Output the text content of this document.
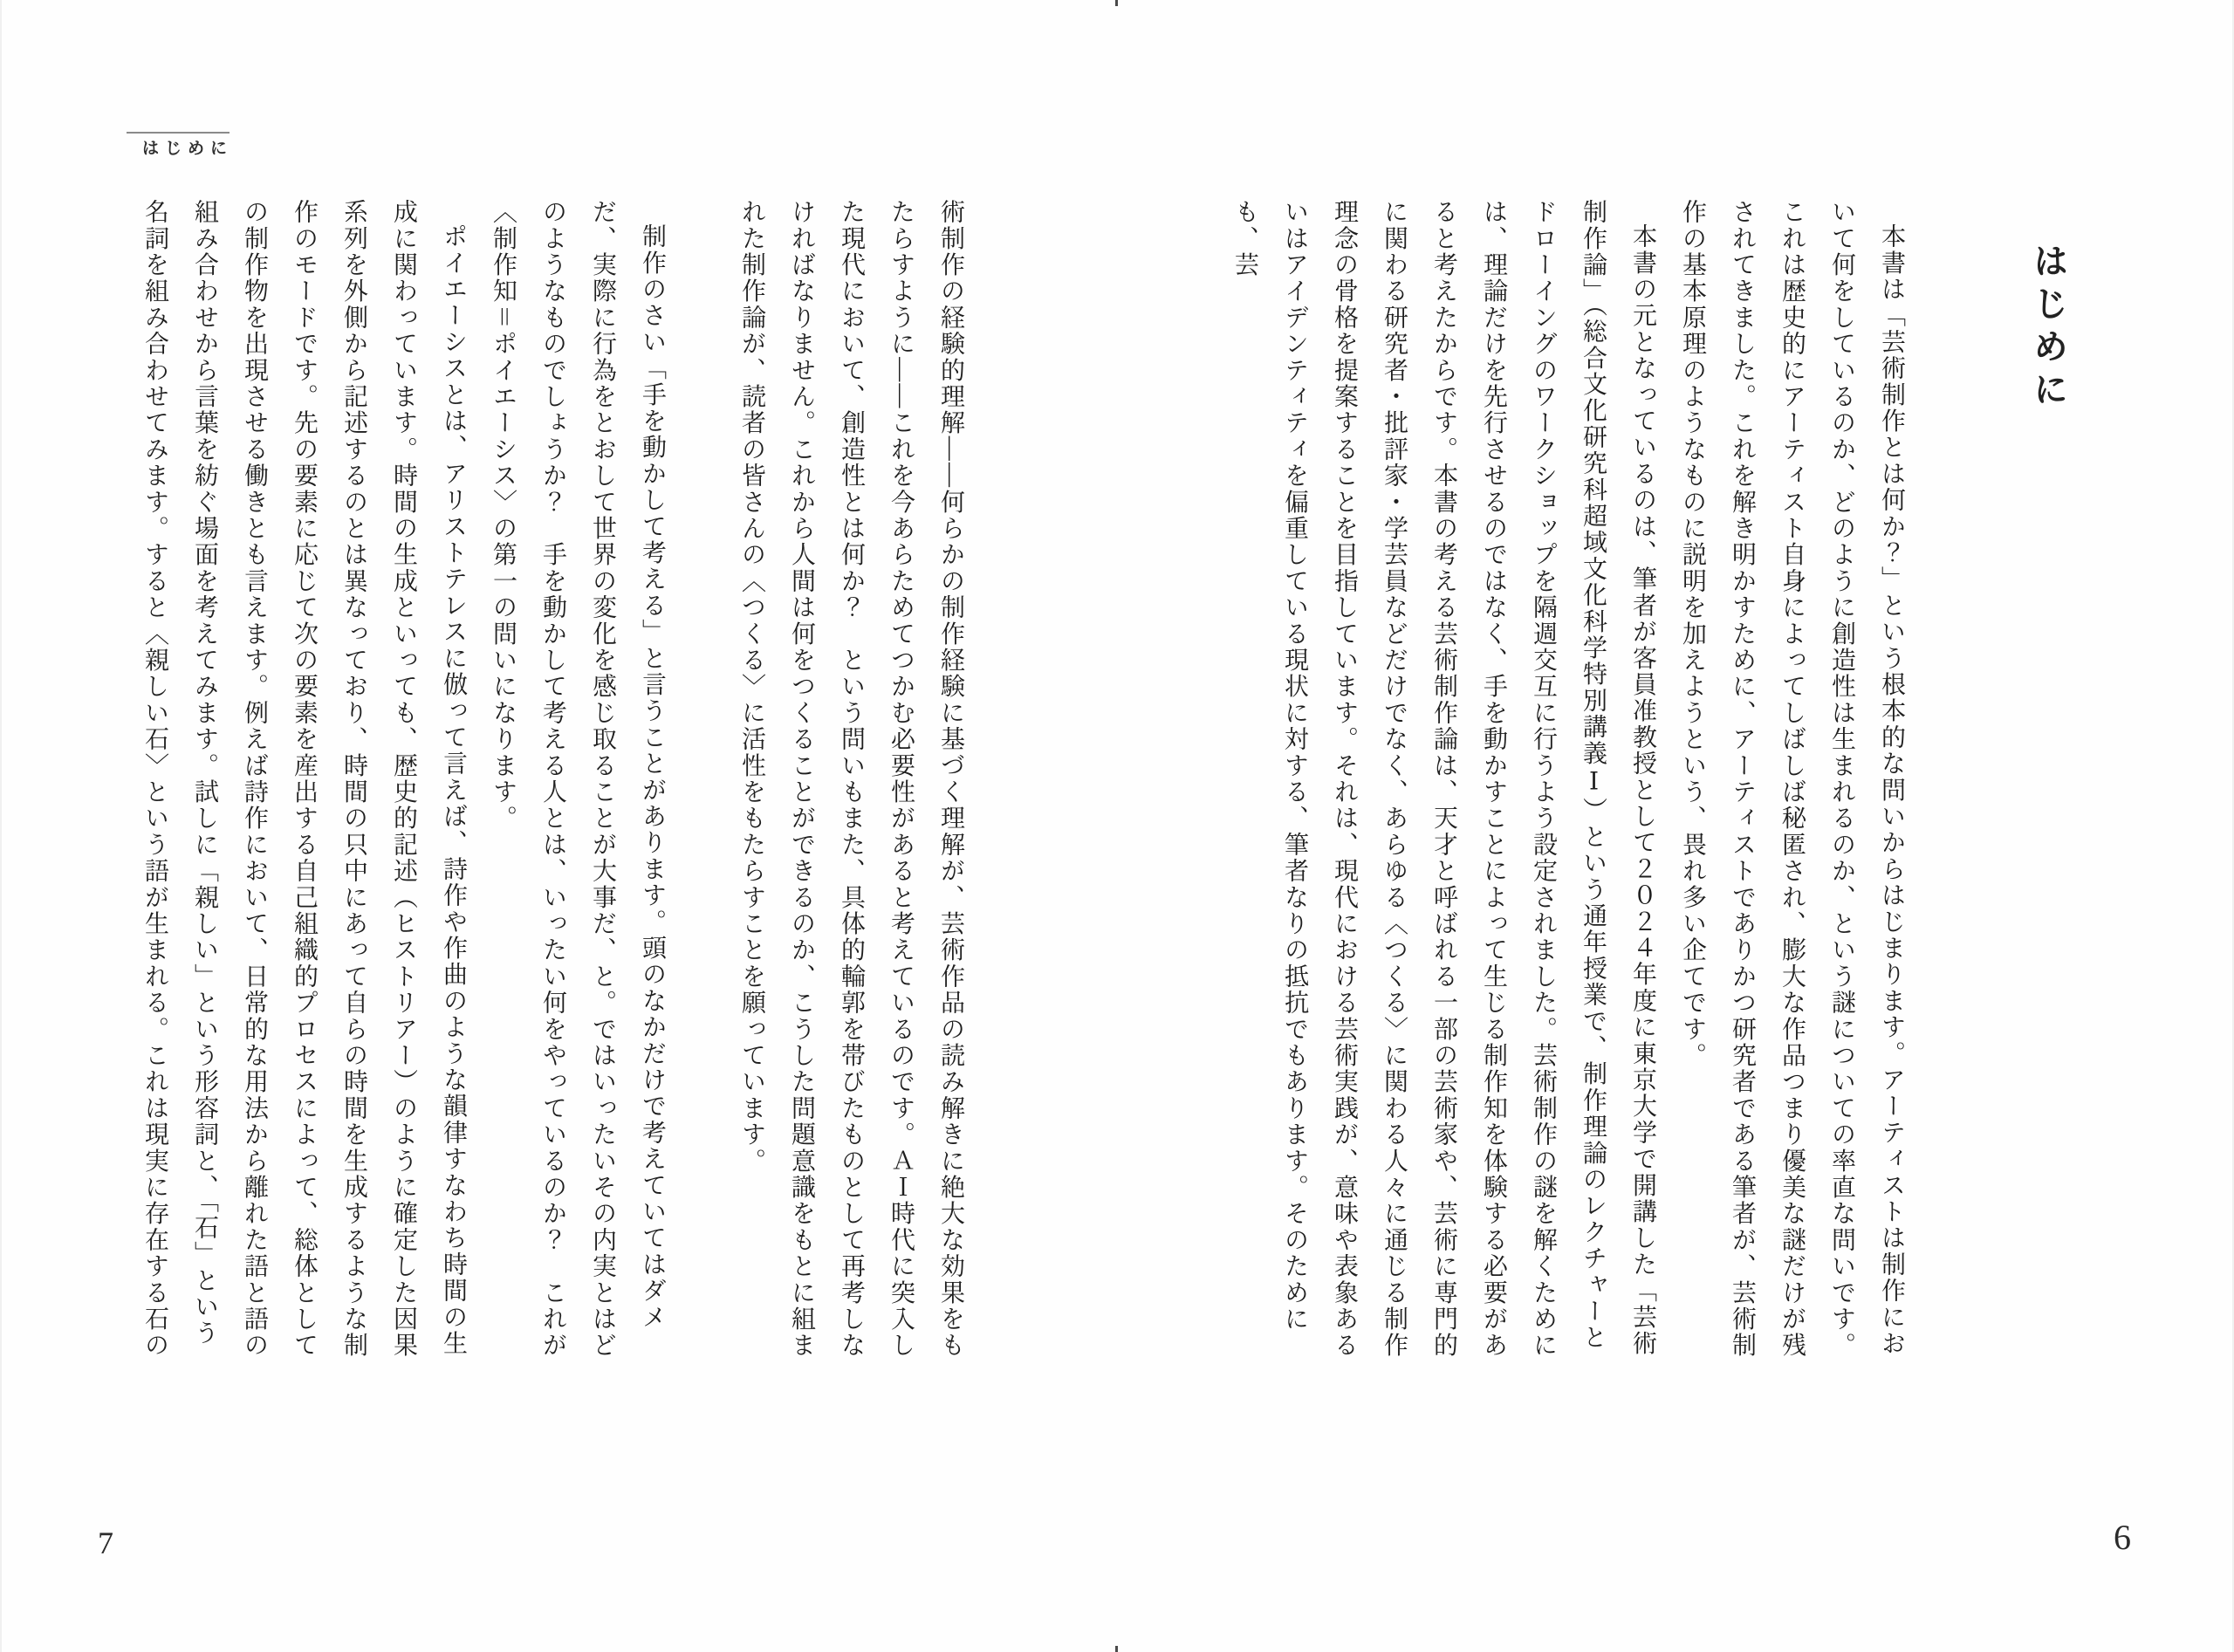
はじめに

本書は「芸術制作とは何か？」という根本的な問いからはじまります。アーティストは制作において何をしているのか、どのように創造性は生まれるのか、という謎についての率直な問いです。これは歴史的にアーティスト自身によってしばしば秘匿され、膨大な作品つまり優美な謎だけが残されてきました。これを解き明かすために、アーティストでありかつ研究者である筆者が、芸術制作の基本原理のようなものに説明を加えようという、畏れ多い企てです。

本書の元となっているのは、筆者が客員准教授として２０２４年度に東京大学で開講した「芸術制作論」（総合文化研究科超域文化科学特別講義Ⅰ）という通年授業で、制作理論のレクチャーとドローイングのワークショップを隔週交互に行うよう設定されました。芸術制作の謎を解くためには、理論だけを先行させるのではなく、手を動かすことによって生じる制作知を体験する必要があると考えたからです。本書の考える芸術制作論は、天才と呼ばれる一部の芸術家や、芸術に専門的に関わる研究者・批評家・学芸員などだけでなく、あらゆる〈つくる〉に関わる人々に通じる制作理念の骨格を提案することを目指しています。それは、現代における芸術実践が、意味や表象あるいはアイデンティティを偏重している現状に対する、筆者なりの抵抗でもあります。そのためにも、芸

6
はじめに

術制作の経験的理解——何らかの制作経験に基づく理解が、芸術作品の読み解きに絶大な効果をもたらすように——これを今あらためてつかむ必要性があると考えているのです。ＡＩ時代に突入した現代において、創造性とは何か？　という問いもまた、具体的輪郭を帯びたものとして再考しなければなりません。これから人間は何をつくることができるのか、こうした問題意識をもとに組まれた制作論が、読者の皆さんの〈つくる〉に活性をもたらすことを願っています。

制作のさい「手を動かして考える」と言うことがあります。頭のなかだけで考えていてはダメだ、実際に行為をとおして世界の変化を感じ取ることが大事だ、と。ではいったいその内実とはどのようなものでしょうか？　手を動かして考える人とは、いったい何をやっているのか？　これが〈制作知＝ポイエーシス〉の第一の問いになります。

ポイエーシスとは、アリストテレスに倣って言えば、詩作や作曲のような韻律すなわち時間の生成に関わっています。時間の生成といっても、歴史的記述（ヒストリアー）のように確定した因果系列を外側から記述するのとは異なっており、時間の只中にあって自らの時間を生成するような制作のモードです。先の要素に応じて次の要素を産出する自己組織的プロセスによって、総体としての制作物を出現させる働きとも言えます。例えば詩作において、日常的な用法から離れた語と語の組み合わせから言葉を紡ぐ場面を考えてみます。試しに「親しい」という形容詞と、「石」という名詞を組み合わせてみます。すると〈親しい石〉という語が生まれる。これは現実に存在する石の

7
